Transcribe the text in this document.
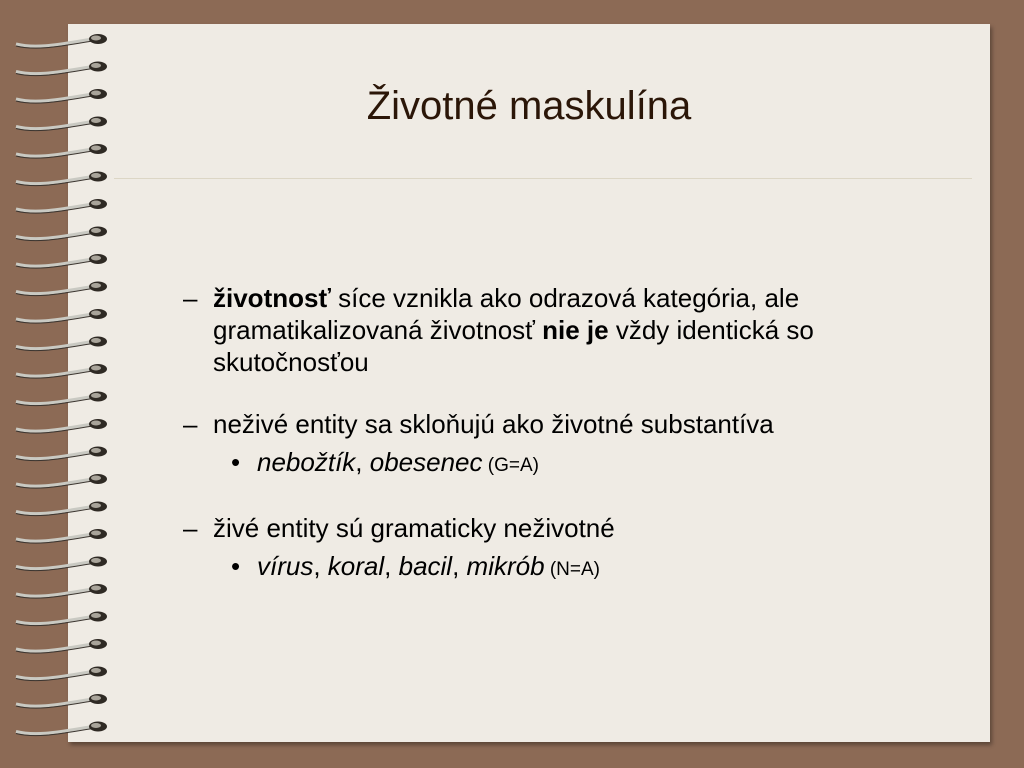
Životné maskulína
– životnosť síce vznikla ako odrazová kategória, ale gramatikalizovaná životnosť nie je vždy identická so skutočnosťou
– neživé entity sa skloňujú ako životné substantíva
• nebožtík, obesenec (G=A)
– živé entity sú gramaticky neživotné
• vírus, koral, bacil, mikrób (N=A)
